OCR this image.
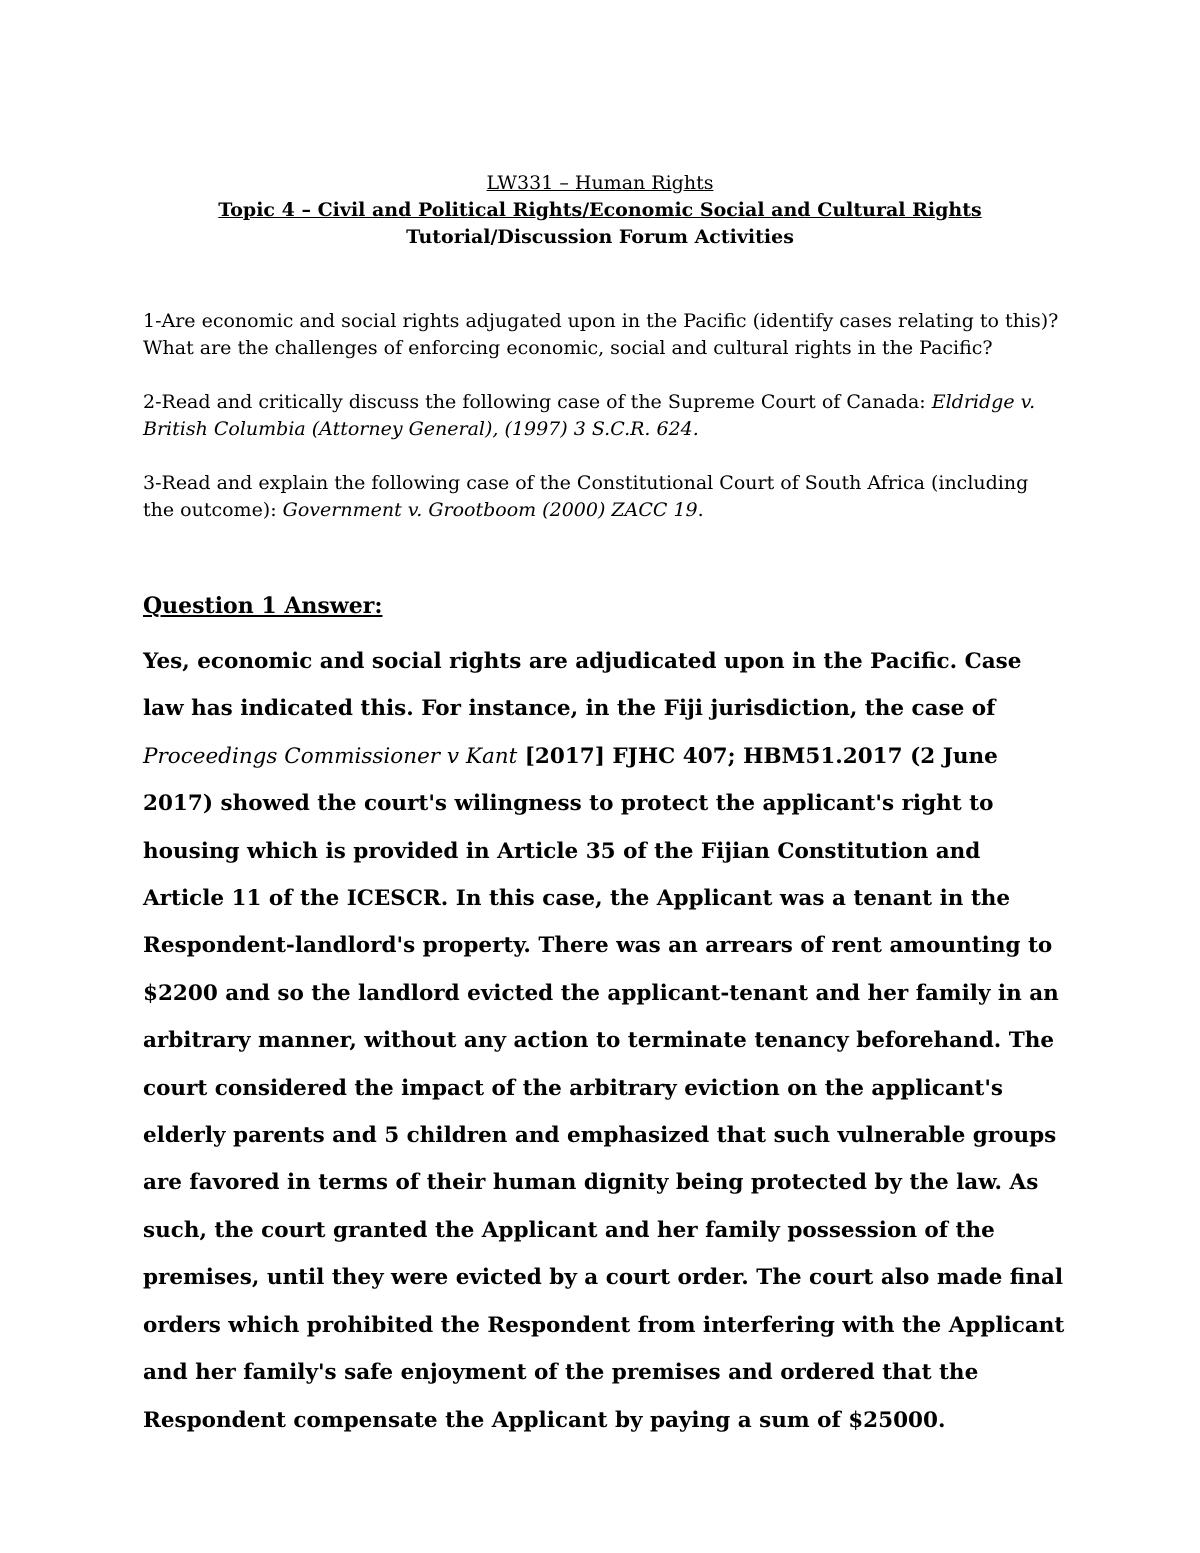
LW331 – Human Rights
Topic 4 – Civil and Political Rights/Economic Social and Cultural Rights
Tutorial/Discussion Forum Activities

1-Are economic and social rights adjugated upon in the Pacific (identify cases relating to this)? What are the challenges of enforcing economic, social and cultural rights in the Pacific?

2-Read and critically discuss the following case of the Supreme Court of Canada: Eldridge v. British Columbia (Attorney General), (1997) 3 S.C.R. 624.

3-Read and explain the following case of the Constitutional Court of South Africa (including the outcome): Government v. Grootboom (2000) ZACC 19.

Question 1 Answer:

Yes, economic and social rights are adjudicated upon in the Pacific. Case law has indicated this. For instance, in the Fiji jurisdiction, the case of Proceedings Commissioner v Kant [2017] FJHC 407; HBM51.2017 (2 June 2017) showed the court's wilingness to protect the applicant's right to housing which is provided in Article 35 of the Fijian Constitution and Article 11 of the ICESCR. In this case, the Applicant was a tenant in the Respondent-landlord's property. There was an arrears of rent amounting to $2200 and so the landlord evicted the applicant-tenant and her family in an arbitrary manner, without any action to terminate tenancy beforehand. The court considered the impact of the arbitrary eviction on the applicant's elderly parents and 5 children and emphasized that such vulnerable groups are favored in terms of their human dignity being protected by the law. As such, the court granted the Applicant and her family possession of the premises, until they were evicted by a court order. The court also made final orders which prohibited the Respondent from interfering with the Applicant and her family's safe enjoyment of the premises and ordered that the Respondent compensate the Applicant by paying a sum of $25000.
